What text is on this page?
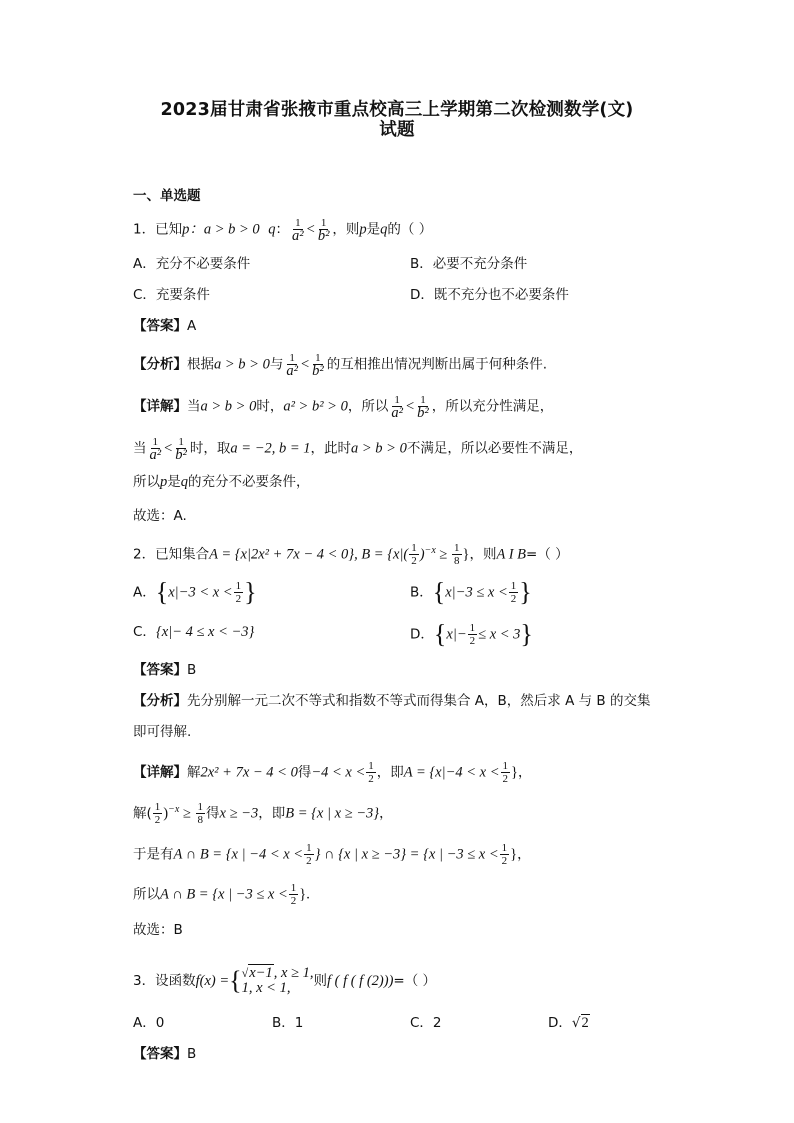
2023届甘肃省张掖市重点校高三上学期第二次检测数学(文)
试题
一、单选题
1．已知p：a > b > 0 q： $\frac{1}{\text{a²}} < \frac{1}{\text{b²}}$ ，则p是q的（ ）
A．充分不必要条件	B．必要不充分条件
C．充要条件	D．既不充分也不必要条件
【答案】A
【分析】根据a > b > 0与 $\frac{1}{\text{a²}} < \frac{1}{\text{b²}}$ 的互相推出情况判断出属于何种条件.
【详解】当a > b > 0时，a² > b² > 0，所以 $\frac{1}{\text{a²}} < \frac{1}{\text{b²}}$ ，所以充分性满足，
当 $\frac{1}{\text{a²}} < \frac{1}{\text{b²}}$ 时，取a = −2, b = 1，此时a > b > 0不满足，所以必要性不满足，
所以p是q的充分不必要条件，
故选：A.
2．已知集合A = {x|2x² + 7x − 4 < 0}, $B = \{x|( \frac{1}{2} )^{-x} \ge \frac{1}{8}$ }，则A I B=（ ）
A．{$x|-3 < x < \frac{1}{2}$ }	B．{$x|-3 \le x < \frac{1}{2}$ }
C．{x|− 4 ≤ x < −3}	D．$\{x|- \frac{1}{2} \le x < 3\}$
【答案】B
【分析】先分别解一元二次不等式和指数不等式而得集合 A，B，然后求 A 与 B 的交集
即可得解.
【详解】解2x² + 7x − 4 < 0得$-4 < x < \frac{1}{2}$ ，即$A = \{x|-4 < x < \frac{1}{2}$ }，
解( $\frac{1}{2} )^{-x} \ge \frac{1}{8}$ 得x ≥ −3，即B = {x | x ≥ −3}，
于是有A ∩ B = {x | $-4 < x < \frac{1}{2}$ } ∩ {x | x ≥ −3} = {x | $-3 \le x < \frac{1}{2}$ }，
所以A ∩ B = {x | $-3 \le x < \frac{1}{2}$ }.
故选：B
3．设函数f(x) ={ √x−1, x ≥ 1,
1, x < 1,	则f ( f ( f (2)))=（ ）
A．0	B．1	C．2	D．√2
【答案】B
